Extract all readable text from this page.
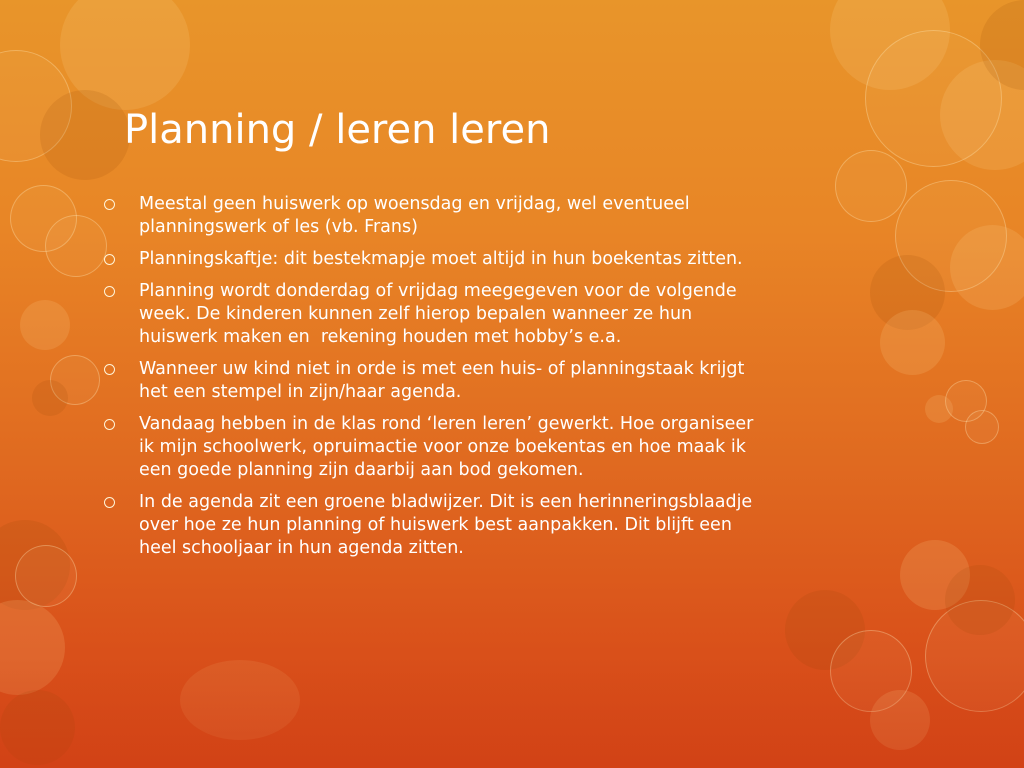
Planning / leren leren
Meestal geen huiswerk op woensdag en vrijdag, wel eventueel
planningswerk of les (vb. Frans)
Planningskaftje: dit bestekmapje moet altijd in hun boekentas zitten.
Planning wordt donderdag of vrijdag meegegeven voor de volgende
week. De kinderen kunnen zelf hierop bepalen wanneer ze hun
huiswerk maken en  rekening houden met hobby’s e.a.
Wanneer uw kind niet in orde is met een huis- of planningstaak krijgt
het een stempel in zijn/haar agenda.
Vandaag hebben in de klas rond ‘leren leren’ gewerkt. Hoe organiseer
ik mijn schoolwerk, opruimactie voor onze boekentas en hoe maak ik
een goede planning zijn daarbij aan bod gekomen.
In de agenda zit een groene bladwijzer. Dit is een herinneringsblaadje
over hoe ze hun planning of huiswerk best aanpakken. Dit blijft een
heel schooljaar in hun agenda zitten.
